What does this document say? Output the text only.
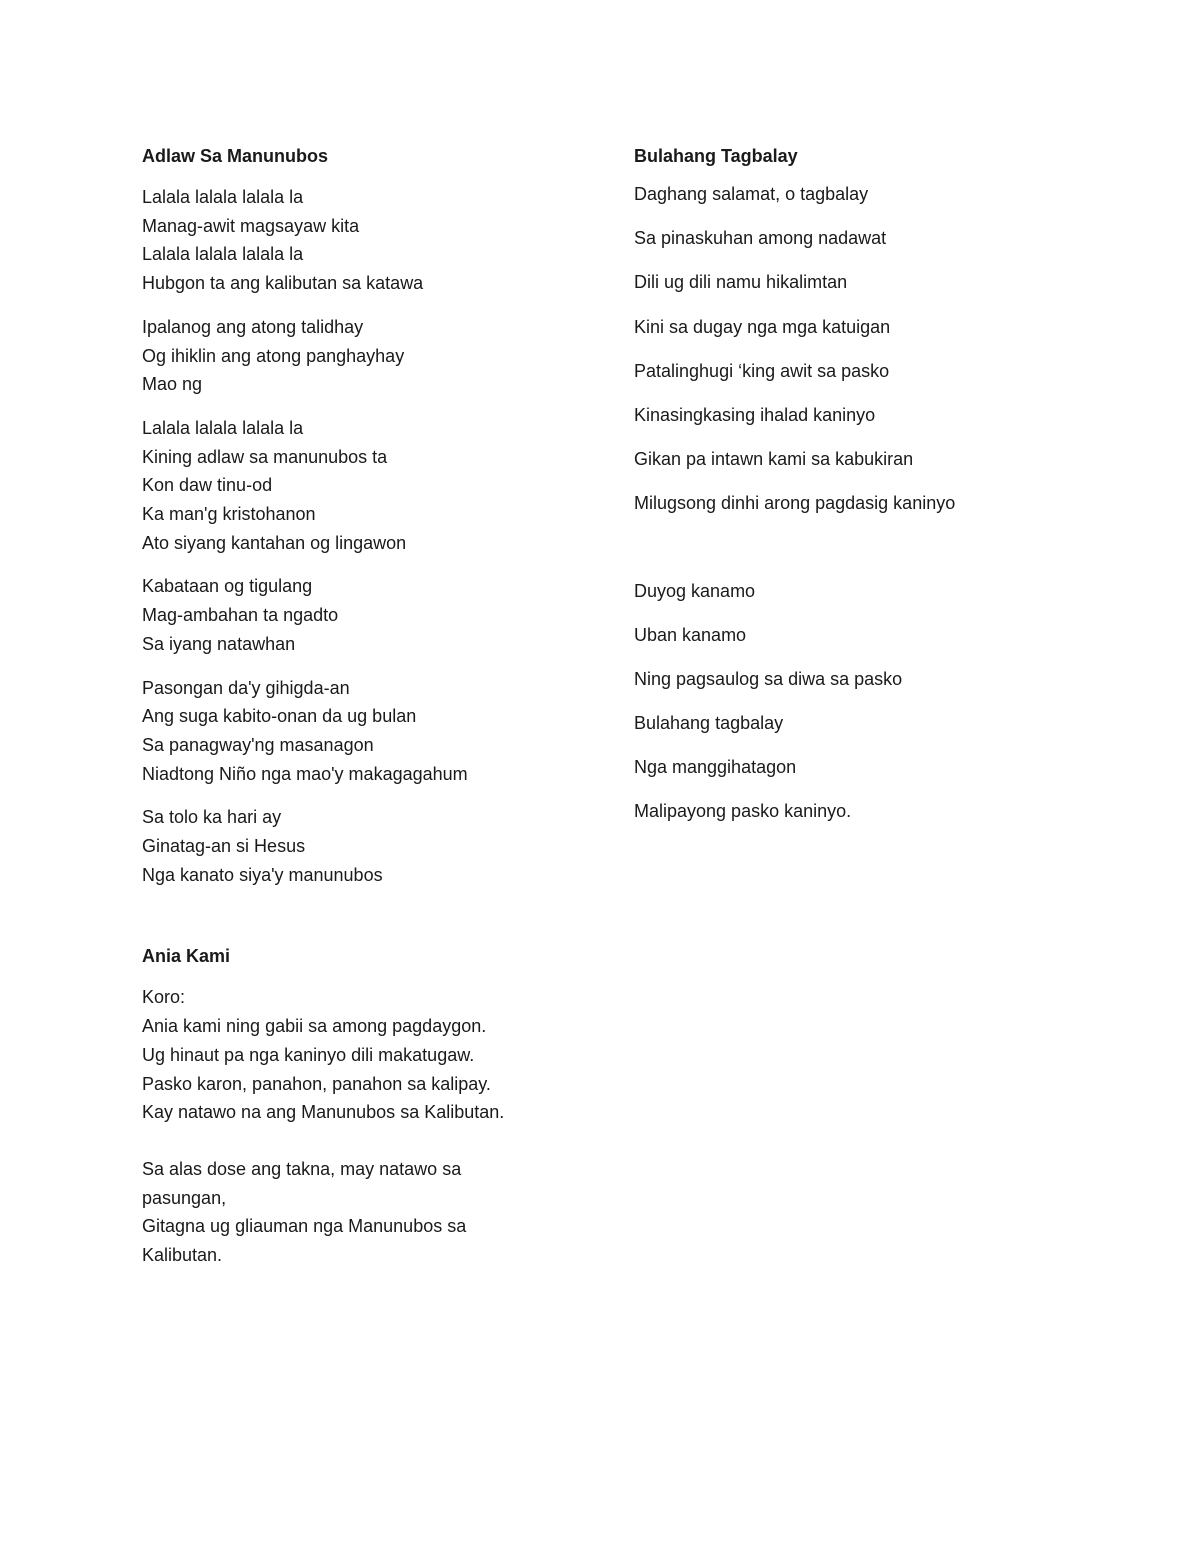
Adlaw Sa Manunubos
Lalala lalala lalala la
Manag-awit magsayaw kita
Lalala lalala lalala la
Hubgon ta ang kalibutan sa katawa
Ipalanog ang atong talidhay
Og ihiklin ang atong panghayhay
Mao ng
Lalala lalala lalala la
Kining adlaw sa manunubos ta
Kon daw tinu-od
Ka man'g kristohanon
Ato siyang kantahan og lingawon
Kabataan og tigulang
Mag-ambahan ta ngadto
Sa iyang natawhan
Pasongan da'y gihigda-an
Ang suga kabito-onan da ug bulan
Sa panagway'ng masanagon
Niadtong Niño nga mao'y makagagahum
Sa tolo ka hari ay
Ginatag-an si Hesus
Nga kanato siya'y manunubos
Ania Kami
Koro:
Ania kami ning gabii sa among pagdaygon.
Ug hinaut pa nga kaninyo dili makatugaw.
Pasko karon, panahon, panahon sa kalipay.
Kay natawo na ang Manunubos sa Kalibutan.
Sa alas dose ang takna, may natawo sa pasungan,
Gitagna ug gliauman nga Manunubos sa Kalibutan.
Bulahang Tagbalay
Daghang salamat, o tagbalay
Sa pinaskuhan among nadawat
Dili ug dili namu hikalimtan
Kini sa dugay nga mga katuigan
Patalinghugi ‘king awit sa pasko
Kinasingkasing ihalad kaninyo
Gikan pa intawn kami sa kabukiran
Milugsong dinhi arong pagdasig kaninyo
Duyog kanamo
Uban kanamo
Ning pagsaulog sa diwa sa pasko
Bulahang tagbalay
Nga manggihatagon
Malipayong pasko kaninyo.
